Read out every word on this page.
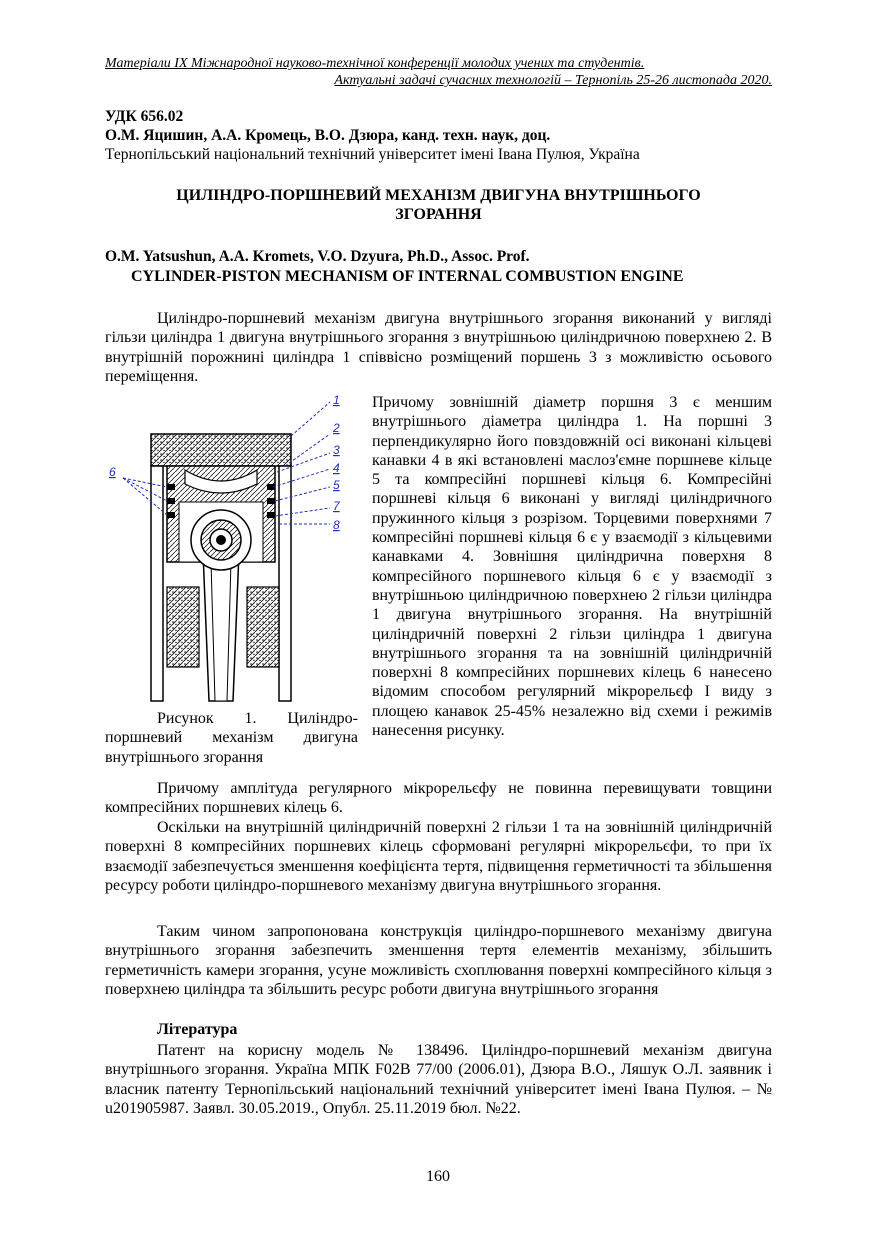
Матеріали IX Міжнародної науково-технічної конференції молодих учених та студентів.
Актуальні задачі сучасних технологій – Тернопіль 25-26 листопада 2020.
УДК 656.02
О.М. Яцишин, А.А. Кромець, В.О. Дзюра, канд. техн. наук, доц.
Тернопільський національний технічний університет імені Івана Пулюя, Україна
ЦИЛІНДРО-ПОРШНЕВИЙ МЕХАНІЗМ ДВИГУНА ВНУТРІШНЬОГО
ЗГОРАННЯ
O.M. Yatsushun, A.A. Kromets, V.O. Dzyura, Ph.D., Assoc. Prof.
CYLINDER-PISTON MECHANISM OF INTERNAL COMBUSTION ENGINE

Циліндро-поршневий механізм двигуна внутрішнього згорання виконаний у вигляді гільзи циліндра 1 двигуна внутрішнього згорання з внутрішньою циліндричною поверхнею 2. В внутрішній порожнині циліндра 1 співвісно розміщений поршень 3 з можливістю осьового переміщення.

1
2
3
4
5
6
7
8
Рисунок 1. Циліндро-поршневий механізм двигуна внутрішнього згорання

Причому зовнішній діаметр поршня 3 є меншим внутрішнього діаметра циліндра 1. На поршні 3 перпендикулярно його повздовжній осі виконані кільцеві канавки 4 в які встановлені маслоз'ємне поршневе кільце 5 та компресійні поршневі кільця 6. Компресійні поршневі кільця 6 виконані у вигляді циліндричного пружинного кільця з розрізом. Торцевими поверхнями 7 компресійні поршневі кільця 6 є у взаємодії з кільцевими канавками 4. Зовнішня циліндрична поверхня 8 компресійного поршневого кільця 6 є у взаємодії з внутрішньою циліндричною поверхнею 2 гільзи циліндра 1 двигуна внутрішнього згорання. На внутрішній циліндричній поверхні 2 гільзи циліндра 1 двигуна внутрішнього згорання та на зовнішній циліндричній поверхні 8 компресійних поршневих кілець 6 нанесено відомим способом регулярний мікрорельєф І виду з площею канавок 25-45% незалежно від схеми і режимів нанесення рисунку.

Причому амплітуда регулярного мікрорельєфу не повинна перевищувати товщини компресійних поршневих кілець 6.

Оскільки на внутрішній циліндричній поверхні 2 гільзи 1 та на зовнішній циліндричній поверхні 8 компресійних поршневих кілець сформовані регулярні мікрорельєфи, то при їх взаємодії забезпечується зменшення коефіцієнта тертя, підвищення герметичності та збільшення ресурсу роботи циліндро-поршневого механізму двигуна внутрішнього згорання.

Таким чином запропонована конструкція циліндро-поршневого механізму двигуна внутрішнього згорання забезпечить зменшення тертя елементів механізму, збільшить герметичність камери згорання, усуне можливість схоплювання поверхні компресійного кільця з поверхнею циліндра та збільшить ресурс роботи двигуна внутрішнього згорання

Література

Патент на корисну модель № 138496. Циліндро-поршневий механізм двигуна внутрішнього згорання. Україна МПК F02B 77/00 (2006.01), Дзюра В.О., Ляшук О.Л. заявник і власник патенту Тернопільський національний технічний університет імені Івана Пулюя. – № u201905987. Заявл. 30.05.2019., Опубл. 25.11.2019 бюл. №22.

160
